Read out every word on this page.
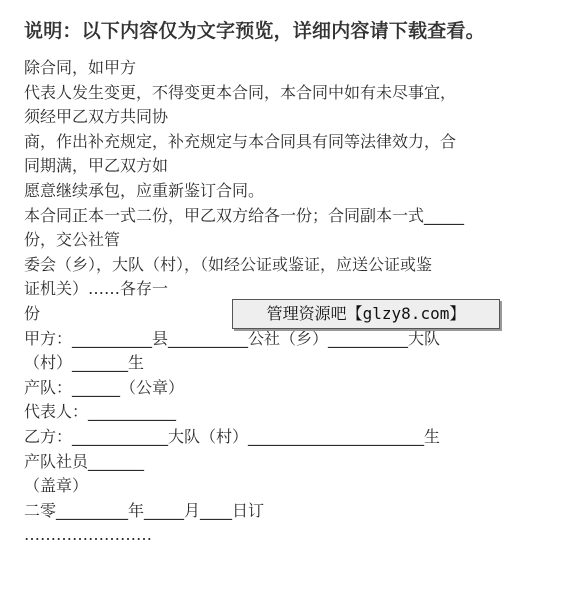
说明：以下内容仅为文字预览，详细内容请下载查看。
除合同，如甲方
代表人发生变更，不得变更本合同，本合同中如有未尽事宜，
须经甲乙双方共同协
商，作出补充规定，补充规定与本合同具有同等法律效力，合
同期满，甲乙双方如
愿意继续承包，应重新鉴订合同。
本合同正本一式二份，甲乙双方给各一份；合同副本一式_____
份，交公社管
委会（乡），大队（村），（如经公证或鉴证，应送公证或鉴
证机关）……各存一
份
甲方：__________县__________公社（乡）__________大队
（村）_______生
产队：______（公章）
代表人：___________
乙方：____________大队（村）______________________生
产队社员_______
（盖章）
二零_________年_____月____日订
……………………
管理资源吧【glzy8.com】
